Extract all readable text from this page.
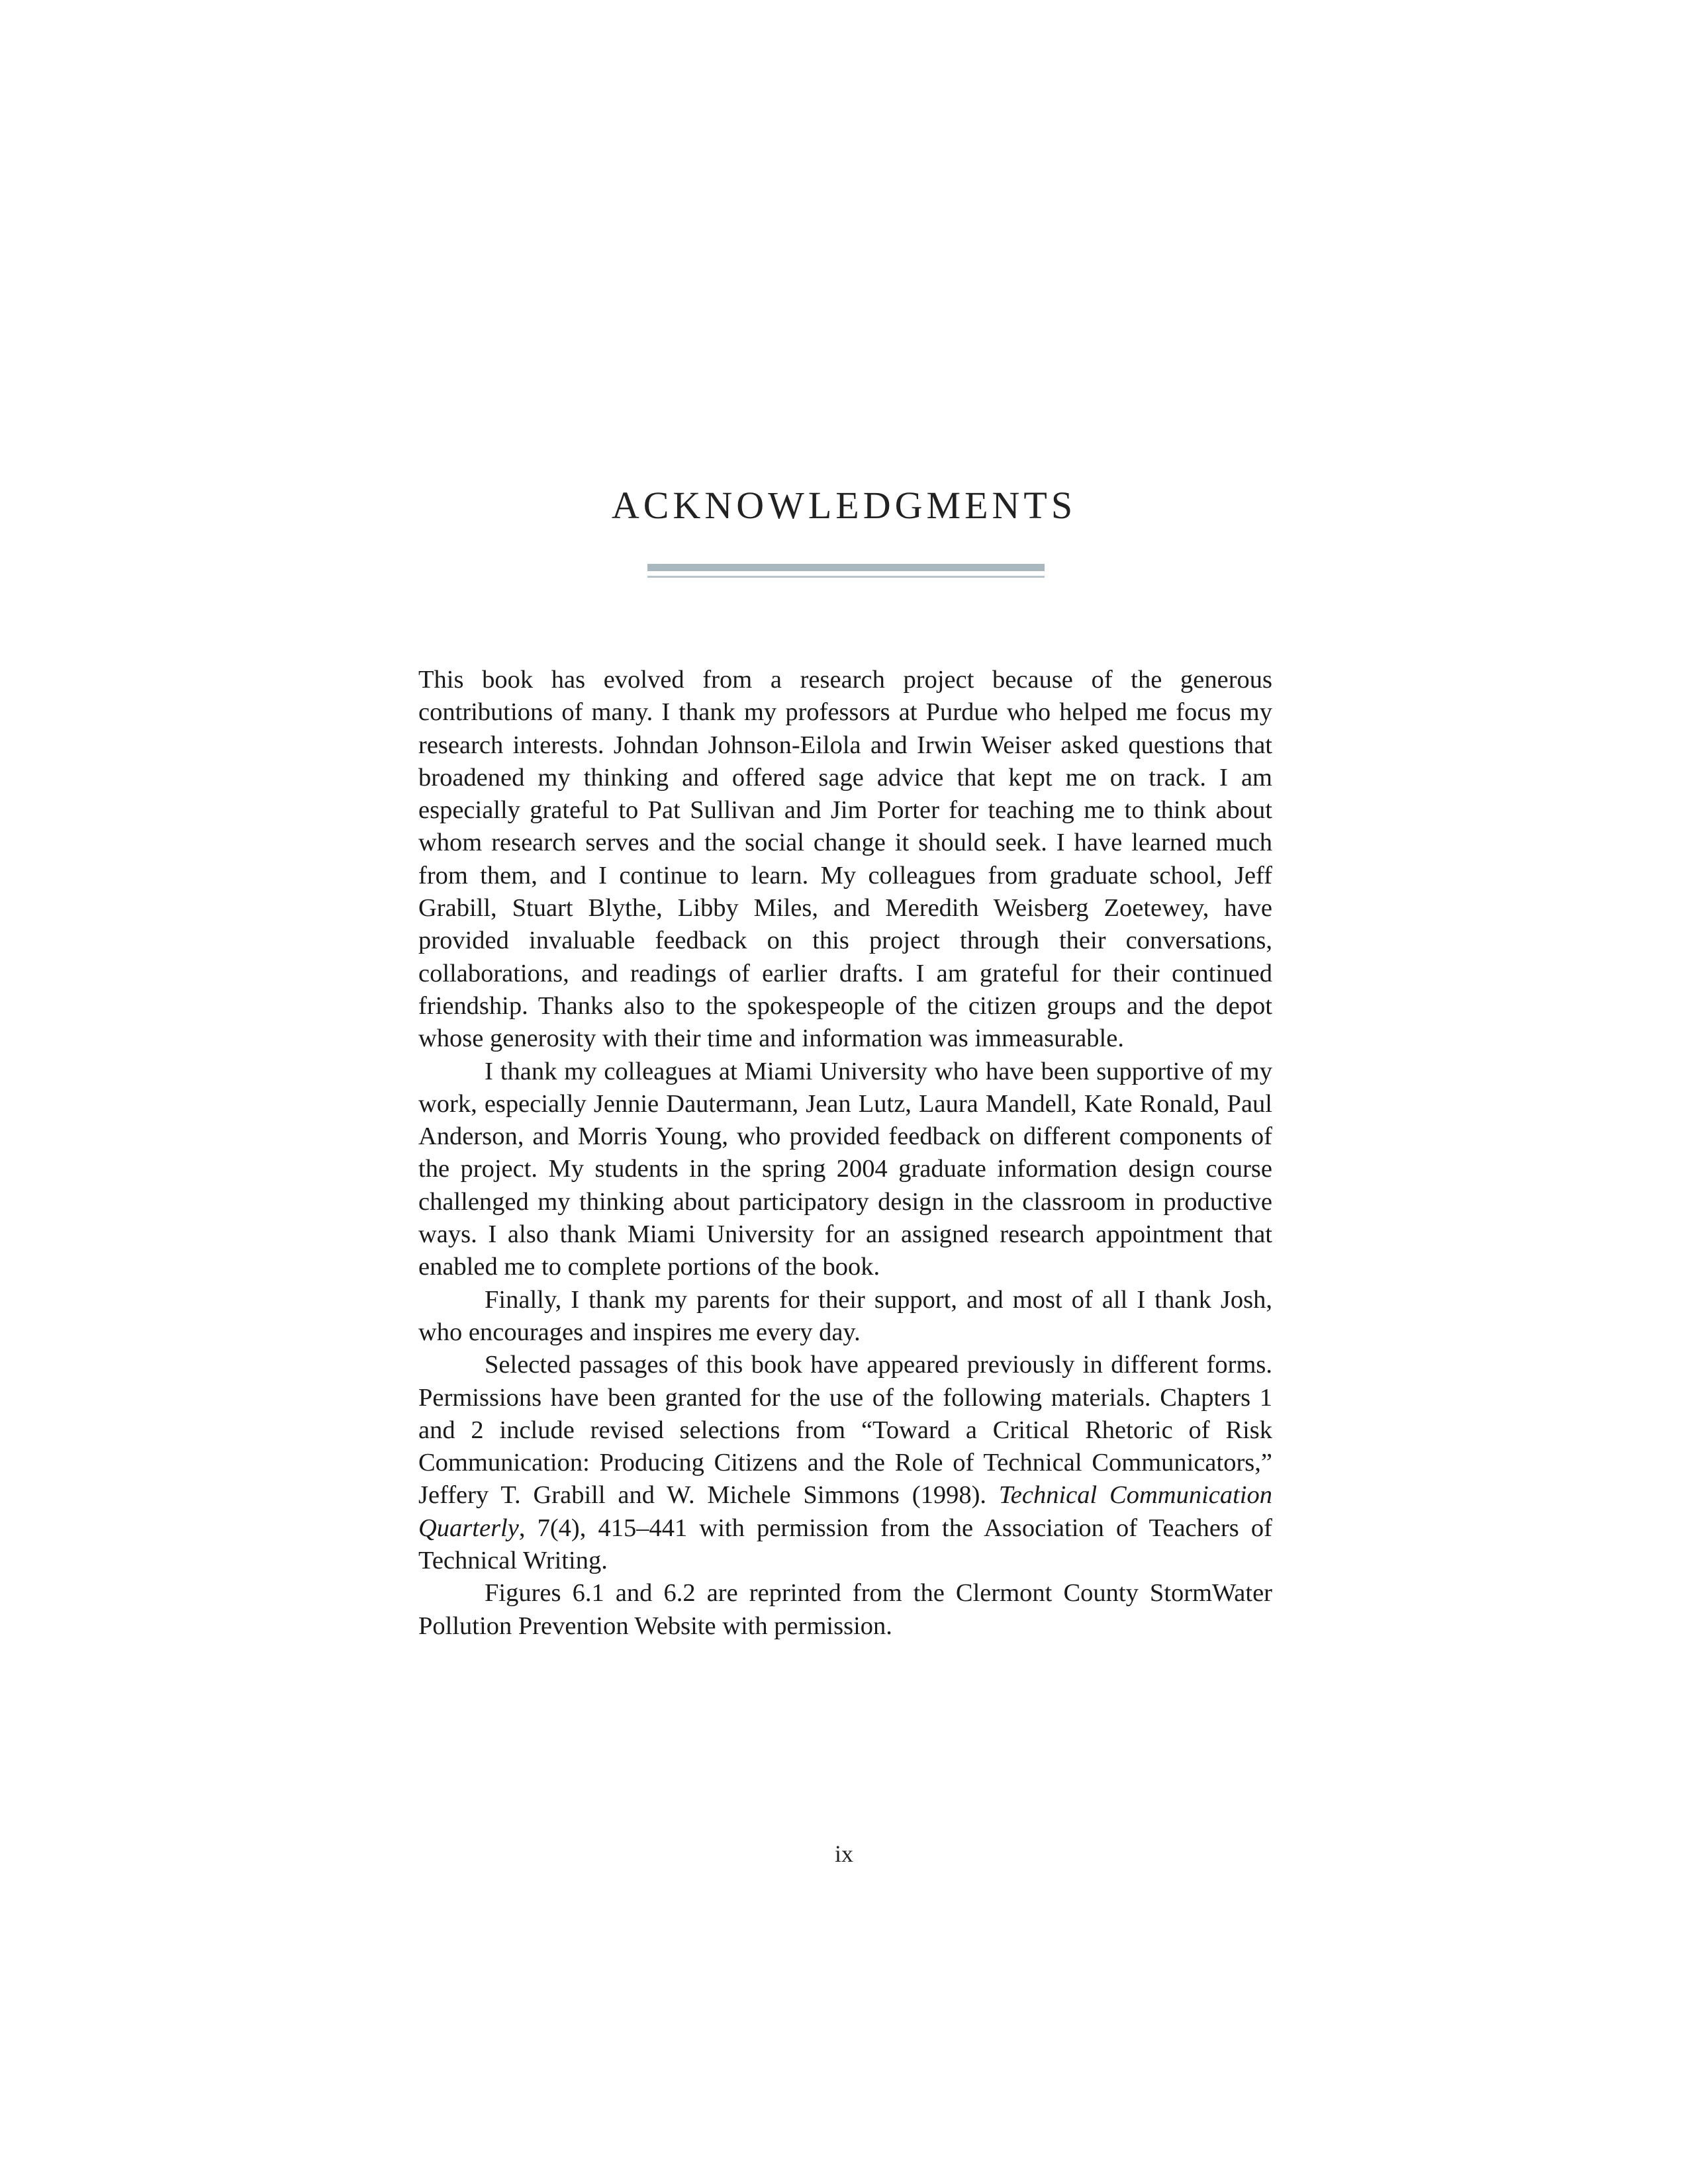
ACKNOWLEDGMENTS

This book has evolved from a research project because of the generous contributions of many. I thank my professors at Purdue who helped me focus my research interests. Johndan Johnson-Eilola and Irwin Weiser asked questions that broadened my thinking and offered sage advice that kept me on track. I am especially grateful to Pat Sullivan and Jim Porter for teaching me to think about whom research serves and the social change it should seek. I have learned much from them, and I continue to learn. My colleagues from graduate school, Jeff Grabill, Stuart Blythe, Libby Miles, and Meredith Weisberg Zoetewey, have provided invaluable feedback on this project through their conversations, collaborations, and readings of earlier drafts. I am grateful for their continued friendship. Thanks also to the spokespeople of the citizen groups and the depot whose generosity with their time and information was immeasurable.

I thank my colleagues at Miami University who have been supportive of my work, especially Jennie Dautermann, Jean Lutz, Laura Mandell, Kate Ronald, Paul Anderson, and Morris Young, who provided feedback on different components of the project. My students in the spring 2004 graduate information design course challenged my thinking about participatory design in the classroom in productive ways. I also thank Miami University for an assigned research appointment that enabled me to complete portions of the book.

Finally, I thank my parents for their support, and most of all I thank Josh, who encourages and inspires me every day.

Selected passages of this book have appeared previously in different forms. Permissions have been granted for the use of the following materials. Chapters 1 and 2 include revised selections from “Toward a Critical Rhetoric of Risk Communication: Producing Citizens and the Role of Technical Communicators,” Jeffery T. Grabill and W. Michele Simmons (1998). Technical Communication Quarterly, 7(4), 415–441 with permission from the Association of Teachers of Technical Writing.

Figures 6.1 and 6.2 are reprinted from the Clermont County StormWater Pollution Prevention Website with permission.

ix
